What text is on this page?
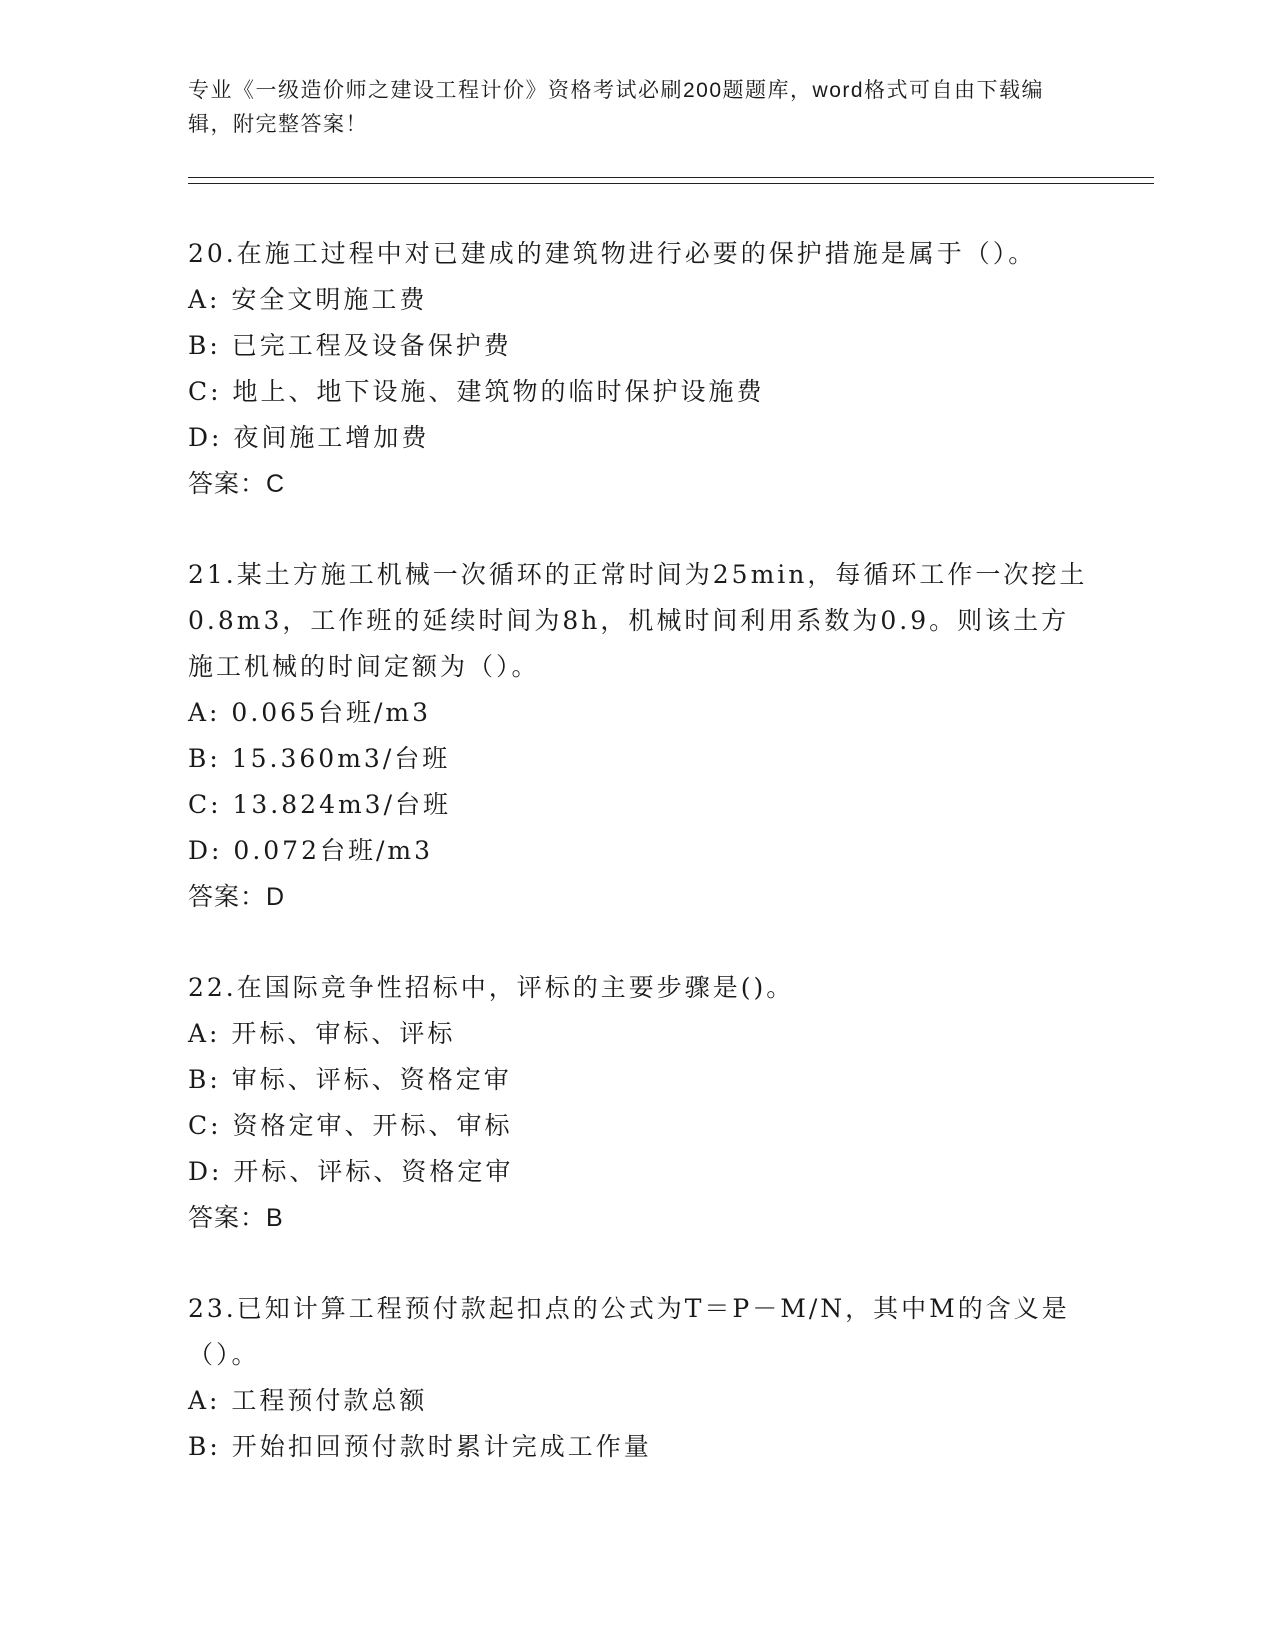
专业《一级造价师之建设工程计价》资格考试必刷200题题库，word格式可自由下载编辑，附完整答案！

20.在施工过程中对已建成的建筑物进行必要的保护措施是属于（）。

A: 安全文明施工费

B: 已完工程及设备保护费

C: 地上、地下设施、建筑物的临时保护设施费

D: 夜间施工增加费

答案：C

21.某土方施工机械一次循环的正常时间为25min，每循环工作一次挖土0.8m3，工作班的延续时间为8h，机械时间利用系数为0.9。则该土方施工机械的时间定额为（）。

A: 0.065台班/m3

B: 15.360m3/台班

C: 13.824m3/台班

D: 0.072台班/m3

答案：D

22.在国际竞争性招标中，评标的主要步骤是()。

A: 开标、审标、评标

B: 审标、评标、资格定审

C: 资格定审、开标、审标

D: 开标、评标、资格定审

答案：B

23.已知计算工程预付款起扣点的公式为T＝P－M/N，其中M的含义是（）。

A: 工程预付款总额

B: 开始扣回预付款时累计完成工作量
